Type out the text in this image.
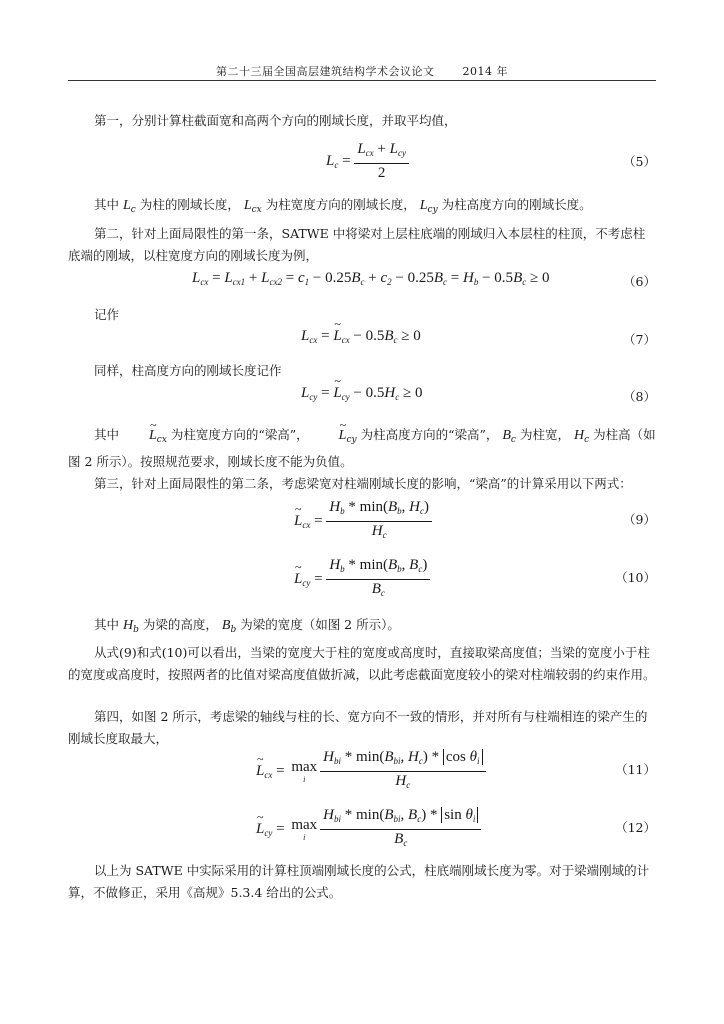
第二十三届全国高层建筑结构学术会议论文	2014 年
第一，分别计算柱截面宽和高两个方向的刚域长度，并取平均值，
$L_c = \frac{L_{cx} + L_{cy}}{2}$	（5）
其中 $L_c$ 为柱的刚域长度， $L_{cx}$ 为柱宽度方向的刚域长度， $L_{cy}$ 为柱高度方向的刚域长度。
第二，针对上面局限性的第一条，SATWE 中将梁对上层柱底端的刚域归入本层柱的柱顶，不考虑柱底端的刚域，以柱宽度方向的刚域长度为例，
$L_{cx} = L_{cx1} + L_{cx2} = c_1 - 0.25B_c + c_2 - 0.25B_c = H_b - 0.5B_c \ge 0$	（6）
记作
$L_{cx}$ = ~ $L_{cx} - 0.5B_c \ge 0$	（7）
同样，柱高度方向的刚域长度记作
$L_{cy}$ = ~ $L_{cy} - 0.5H_c \ge 0$	（8）
其中 ~ $L_{cx}$ 为柱宽度方向的“梁高”， ~ $L_{cy}$ 为柱高度方向的“梁高”， $B_c$ 为柱宽， $H_c$ 为柱高（如图 2 所示）。按照规范要求，刚域长度不能为负值。
第三，针对上面局限性的第二条，考虑梁宽对柱端刚域长度的影响，“梁高”的计算采用以下两式：
~ $L_{cx} = \frac{H_b * \min(B_b, H_c)}{H_c}$	（9）
~ $L_{cy} = \frac{H_b * \min(B_b, B_c)}{B_c}$	（10）
其中 $H_b$ 为梁的高度， $B_b$ 为梁的宽度（如图 2 所示）。
从式(9)和式(10)可以看出，当梁的宽度大于柱的宽度或高度时，直接取梁高度值；当梁的宽度小于柱的宽度或高度时，按照两者的比值对梁高度值做折减，以此考虑截面宽度较小的梁对柱端较弱的约束作用。
第四，如图 2 所示，考虑梁的轴线与柱的长、宽方向不一致的情形，并对所有与柱端相连的梁产生的刚域长度取最大，
~ $L_{cx} = \max$
i $\frac{H_{bi} * \min(B_{bi}, H_c) * \cos \theta_i}{H_c}$	（11）
~ $L_{cy} = \max$
i $\frac{H_{bi} * \min(B_{bi}, B_c) * \sin \theta_i}{B_c}$	（12）
以上为 SATWE 中实际采用的计算柱顶端刚域长度的公式，柱底端刚域长度为零。对于梁端刚域的计算，不做修正，采用《高规》5.3.4 给出的公式。
